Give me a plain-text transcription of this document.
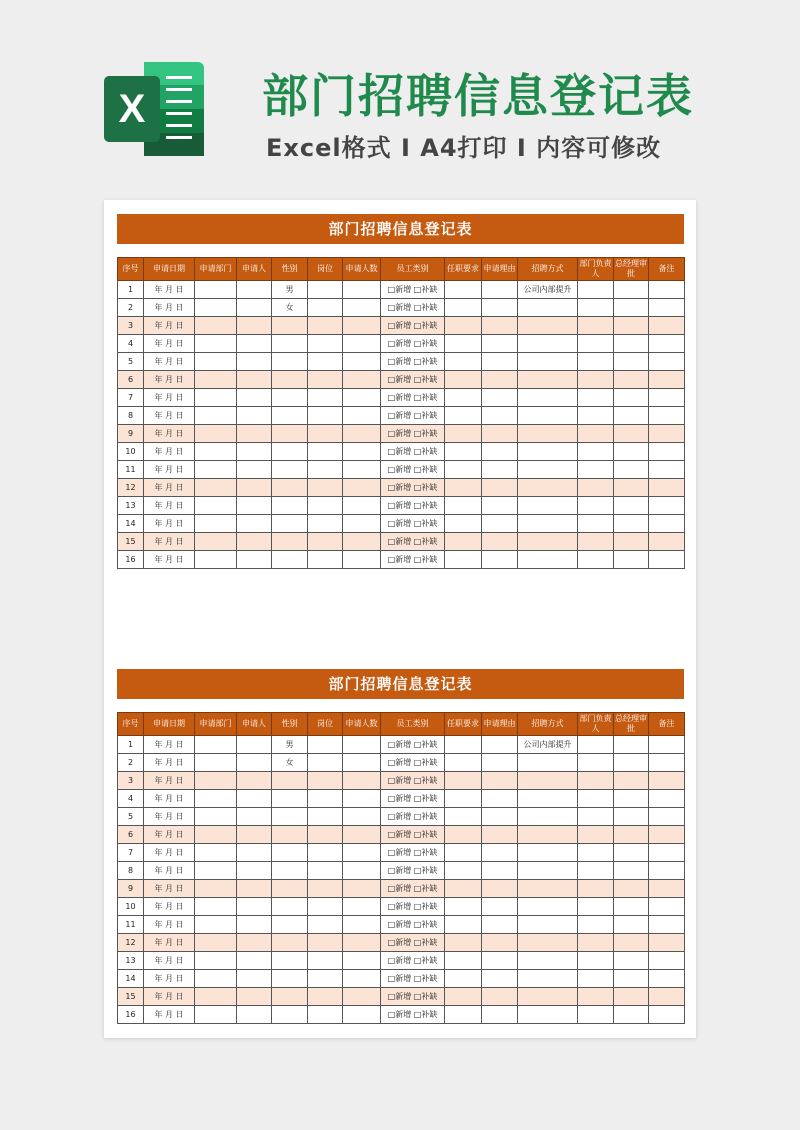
X	部门招聘信息登记表
Excel格式 I A4打印 I 内容可修改
部门招聘信息登记表
序号	申请日期	申请部门	申请人	性别	岗位	申请人数	员工类别	任职要求	申请理由	招聘方式	部门负责人	总经理审批	备注
1	年 月 日			男			□新增 □补缺			公司内部提升			
2	年 月 日			女			□新增 □补缺						
3	年 月 日						□新增 □补缺						
4	年 月 日						□新增 □补缺						
5	年 月 日						□新增 □补缺						
6	年 月 日						□新增 □补缺						
7	年 月 日						□新增 □补缺						
8	年 月 日						□新增 □补缺						
9	年 月 日						□新增 □补缺						
10	年 月 日						□新增 □补缺						
11	年 月 日						□新增 □补缺						
12	年 月 日						□新增 □补缺						
13	年 月 日						□新增 □补缺						
14	年 月 日						□新增 □补缺						
15	年 月 日						□新增 □补缺						
16	年 月 日						□新增 □补缺						
部门招聘信息登记表
序号	申请日期	申请部门	申请人	性别	岗位	申请人数	员工类别	任职要求	申请理由	招聘方式	部门负责人	总经理审批	备注
1	年 月 日			男			□新增 □补缺			公司内部提升			
2	年 月 日			女			□新增 □补缺						
3	年 月 日						□新增 □补缺						
4	年 月 日						□新增 □补缺						
5	年 月 日						□新增 □补缺						
6	年 月 日						□新增 □补缺						
7	年 月 日						□新增 □补缺						
8	年 月 日						□新增 □补缺						
9	年 月 日						□新增 □补缺						
10	年 月 日						□新增 □补缺						
11	年 月 日						□新增 □补缺						
12	年 月 日						□新增 □补缺						
13	年 月 日						□新增 □补缺						
14	年 月 日						□新增 □补缺						
15	年 月 日						□新增 □补缺						
16	年 月 日						□新增 □补缺						
